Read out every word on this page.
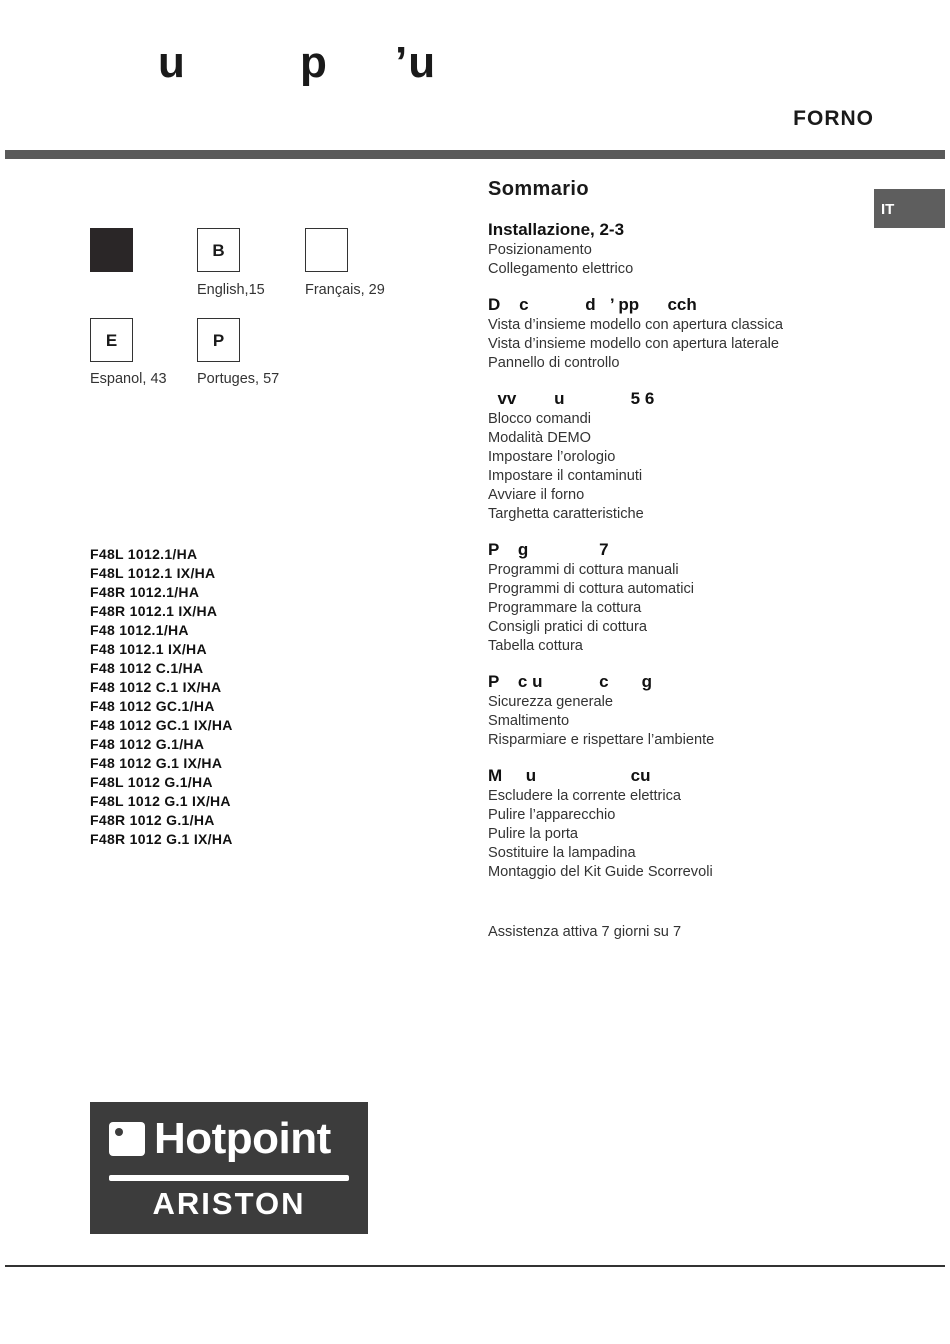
u	p ’u
FORNO
IT
B
English,15	Français, 29
E	P
Espanol, 43 Portuges, 57
F48L 1012.1/HA
F48L 1012.1 IX/HA
F48R 1012.1/HA
F48R 1012.1 IX/HA
F48 1012.1/HA
F48 1012.1 IX/HA
F48 1012 C.1/HA
F48 1012 C.1 IX/HA
F48 1012 GC.1/HA
F48 1012 GC.1 IX/HA
F48 1012 G.1/HA
F48 1012 G.1 IX/HA
F48L 1012 G.1/HA
F48L 1012 G.1 IX/HA
F48R 1012 G.1/HA
F48R 1012 G.1 IX/HA
Sommario
Installazione, 2-3
Posizionamento
Collegamento elettrico
D    c            d   ’ pp      cch
Vista d’insieme modello con apertura classica
Vista d’insieme modello con apertura laterale
Pannello di controllo
vv        u              5 6
Blocco comandi
Modalità DEMO
Impostare l’orologio
Impostare il contaminuti
Avviare il forno
Targhetta caratteristiche
P    g               7
Programmi di cottura manuali
Programmi di cottura automatici
Programmare la cottura
Consigli pratici di cottura
Tabella cottura
P    c u            c       g
Sicurezza generale
Smaltimento
Risparmiare e rispettare l’ambiente
M     u                    cu
Escludere la corrente elettrica
Pulire l’apparecchio
Pulire la porta
Sostituire la lampadina
Montaggio del Kit Guide Scorrevoli
Assistenza attiva 7 giorni su 7
Hotpoint
ARISTON
